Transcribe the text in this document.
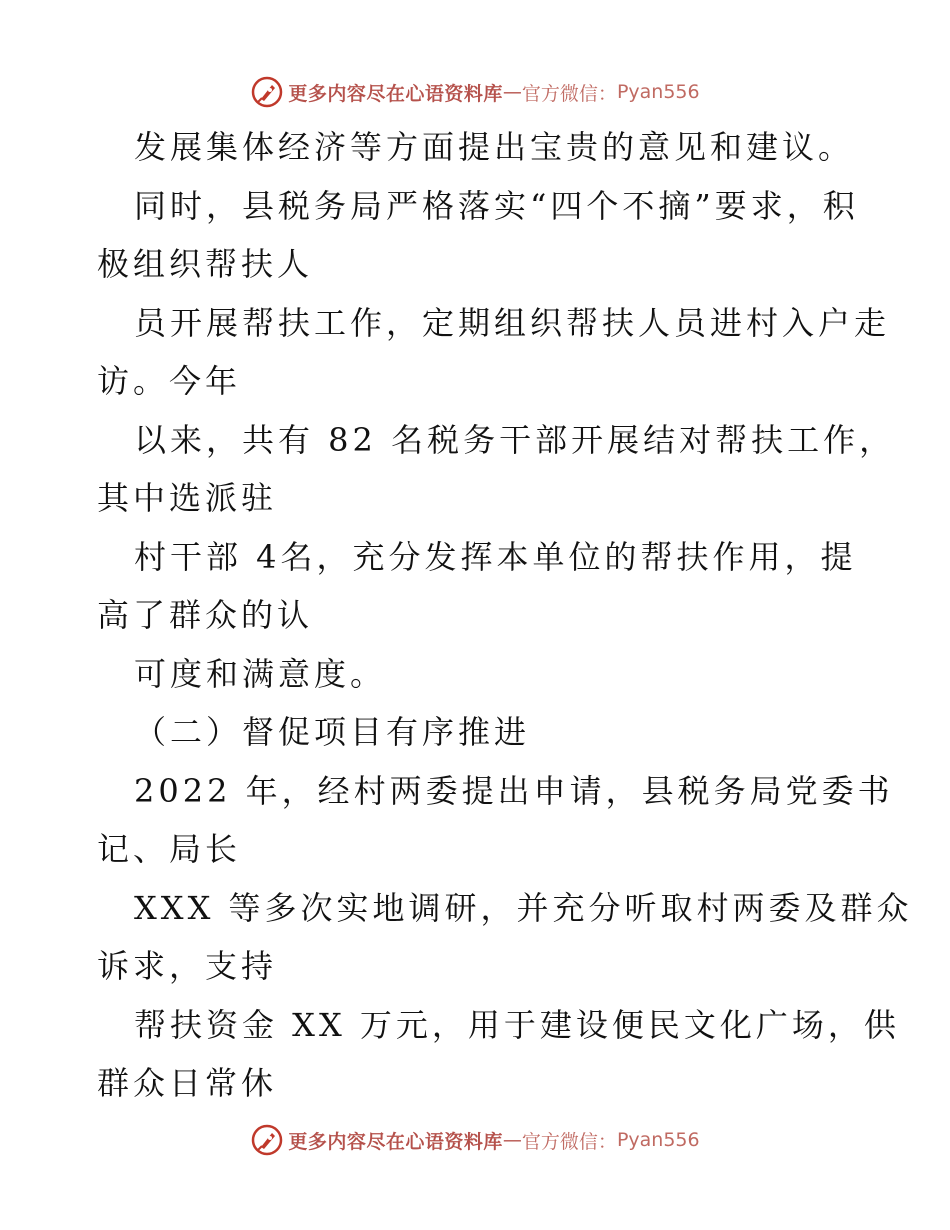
更多内容尽在心语资料库 — 官方微信： Pyan556
发展集体经济等方面提出宝贵的意见和建议。
同时，县税务局严格落实“四个不摘”要求，积
极组织帮扶人
员开展帮扶工作，定期组织帮扶人员进村入户走
访。今年
以来，共有 82 名税务干部开展结对帮扶工作，
其中选派驻
村干部 4名，充分发挥本单位的帮扶作用，提
高了群众的认
可度和满意度。
（二）督促项目有序推进
2022 年，经村两委提出申请，县税务局党委书
记、局长
XXX 等多次实地调研，并充分听取村两委及群众
诉求，支持
帮扶资金 XX 万元，用于建设便民文化广场，供
群众日常休
更多内容尽在心语资料库 — 官方微信： Pyan556
